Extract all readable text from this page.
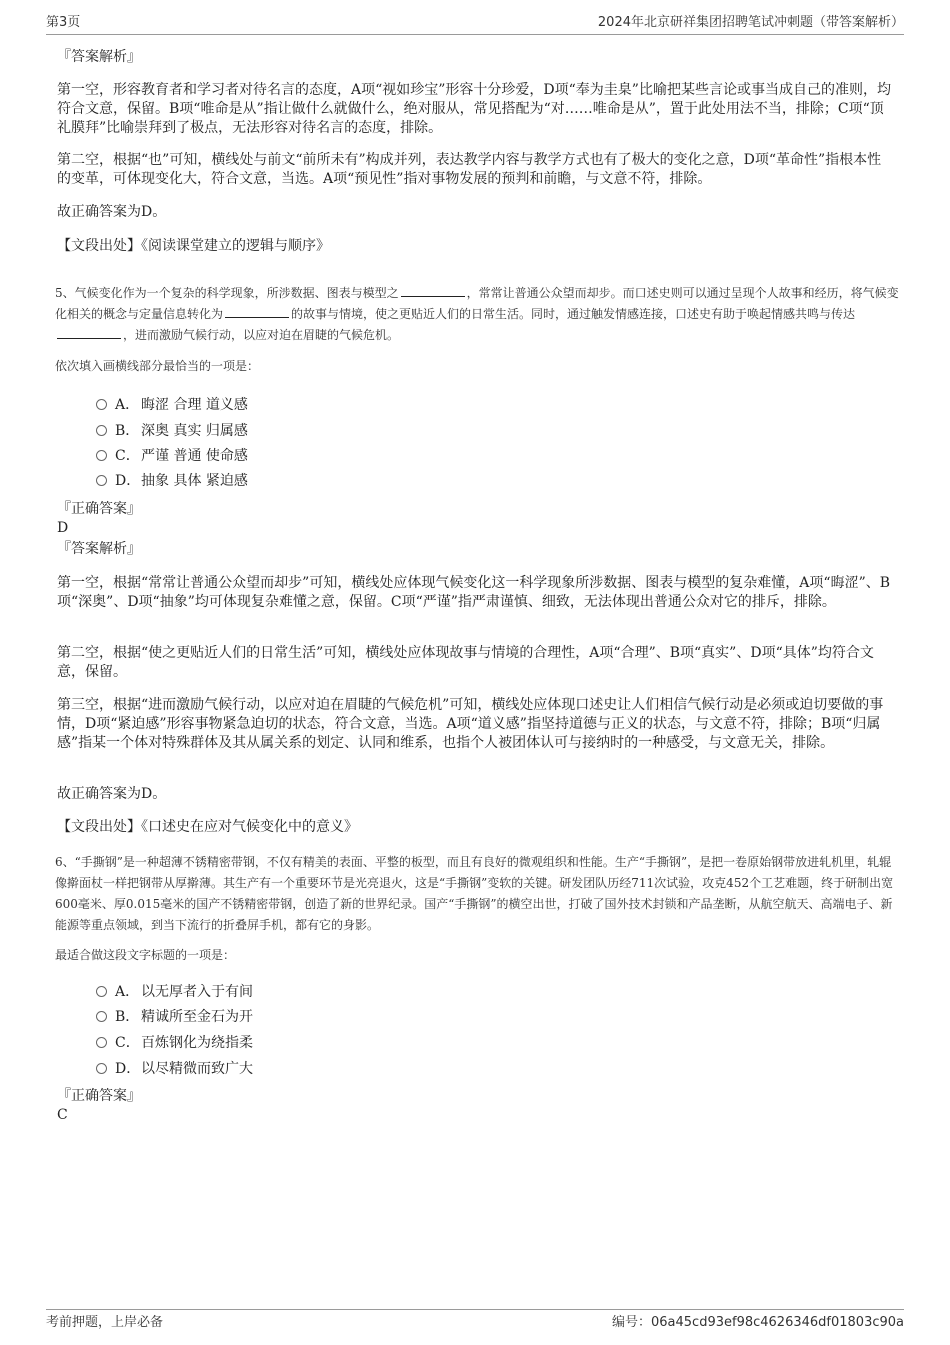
第3页	2024年北京研祥集团招聘笔试冲刺题（带答案解析）
『答案解析』
第一空，形容教育者和学习者对待名言的态度，A项“视如珍宝”形容十分珍爱，D项“奉为圭臬”比喻把某些言论或事当成自己的准则，均符合文意，保留。B项“唯命是从”指让做什么就做什么，绝对服从，常见搭配为“对……唯命是从”，置于此处用法不当，排除；C项“顶礼膜拜”比喻崇拜到了极点，无法形容对待名言的态度，排除。
第二空，根据“也”可知，横线处与前文“前所未有”构成并列，表达教学内容与教学方式也有了极大的变化之意，D项“革命性”指根本性的变革，可体现变化大，符合文意，当选。A项“预见性”指对事物发展的预判和前瞻，与文意不符，排除。
故正确答案为D。
【文段出处】《阅读课堂建立的逻辑与顺序》
5、气候变化作为一个复杂的科学现象，所涉数据、图表与模型之	，常常让普通公众望而却步。而口述史则可以通过呈现个人故事和经历，将气候变化相关的概念与定量信息转化为	的故事与情境，使之更贴近人们的日常生活。同时，通过触发情感连接，口述史有助于唤起情感共鸣与传达，进而激励气候行动，以应对迫在眉睫的气候危机。
依次填入画横线部分最恰当的一项是：
A． 晦涩 合理 道义感
B． 深奥 真实 归属感
C．严谨 普通 使命感
D．抽象 具体 紧迫感
『正确答案』
D
『答案解析』
第一空，根据“常常让普通公众望而却步”可知，横线处应体现气候变化这一科学现象所涉数据、图表与模型的复杂难懂，A项“晦涩”、B项“深奥”、D项“抽象”均可体现复杂难懂之意，保留。C项“严谨”指严肃谨慎、细致，无法体现出普通公众对它的排斥，排除。
第二空，根据“使之更贴近人们的日常生活”可知，横线处应体现故事与情境的合理性，A项“合理”、B项“真实”、D项“具体”均符合文意，保留。
第三空，根据“进而激励气候行动，以应对迫在眉睫的气候危机”可知，横线处应体现口述史让人们相信气候行动是必须或迫切要做的事情，D项“紧迫感”形容事物紧急迫切的状态，符合文意，当选。A项“道义感”指坚持道德与正义的状态，与文意不符，排除；B项“归属感”指某一个体对特殊群体及其从属关系的划定、认同和维系，也指个人被团体认可与接纳时的一种感受，与文意无关，排除。
故正确答案为D。
【文段出处】《口述史在应对气候变化中的意义》
6、“手撕钢”是一种超薄不锈精密带钢，不仅有精美的表面、平整的板型，而且有良好的微观组织和性能。生产“手撕钢”，是把一卷原始钢带放进轧机里，轧辊像擀面杖一样把钢带从厚擀薄。其生产有一个重要环节是光亮退火，这是“手撕钢”变软的关键。研发团队历经711次试验，攻克452个工艺难题，终于研制出宽600毫米、厚0.015毫米的国产不锈精密带钢，创造了新的世界纪录。国产“手撕钢”的横空出世，打破了国外技术封锁和产品垄断，从航空航天、高端电子、新能源等重点领域，到当下流行的折叠屏手机，都有它的身影。
最适合做这段文字标题的一项是：
A． 以无厚者入于有间
B． 精诚所至金石为开
C．百炼钢化为绕指柔
D．以尽精微而致广大
『正确答案』
C
考前押题，上岸必备	编号：06a45cd93ef98c4626346df01803c90a
